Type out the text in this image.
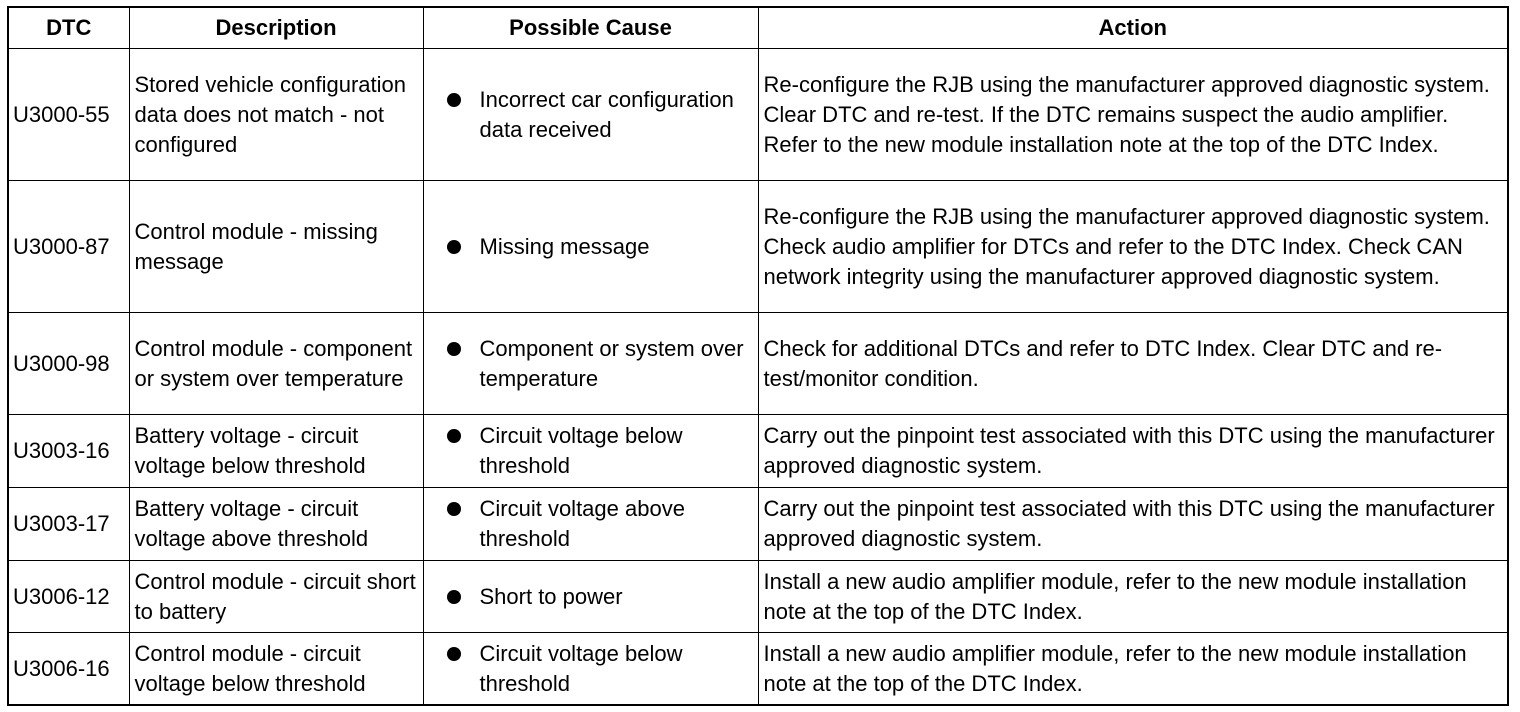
DTC	Description	Possible Cause	Action
U3000-55	Stored vehicle configuration data does not match - not configured	Incorrect car configuration data received	Re-configure the RJB using the manufacturer approved diagnostic system. Clear DTC and re-test. If the DTC remains suspect the audio amplifier. Refer to the new module installation note at the top of the DTC Index.
U3000-87	Control module - missing message	Missing message	Re-configure the RJB using the manufacturer approved diagnostic system. Check audio amplifier for DTCs and refer to the DTC Index. Check CAN network integrity using the manufacturer approved diagnostic system.
U3000-98	Control module - component or system over temperature	Component or system over temperature	Check for additional DTCs and refer to DTC Index. Clear DTC and re-test/monitor condition.
U3003-16	Battery voltage - circuit voltage below threshold	Circuit voltage below threshold	Carry out the pinpoint test associated with this DTC using the manufacturer approved diagnostic system.
U3003-17	Battery voltage - circuit voltage above threshold	Circuit voltage above threshold	Carry out the pinpoint test associated with this DTC using the manufacturer approved diagnostic system.
U3006-12	Control module - circuit short to battery	Short to power	Install a new audio amplifier module, refer to the new module installation note at the top of the DTC Index.
U3006-16	Control module - circuit voltage below threshold	Circuit voltage below threshold	Install a new audio amplifier module, refer to the new module installation note at the top of the DTC Index.
